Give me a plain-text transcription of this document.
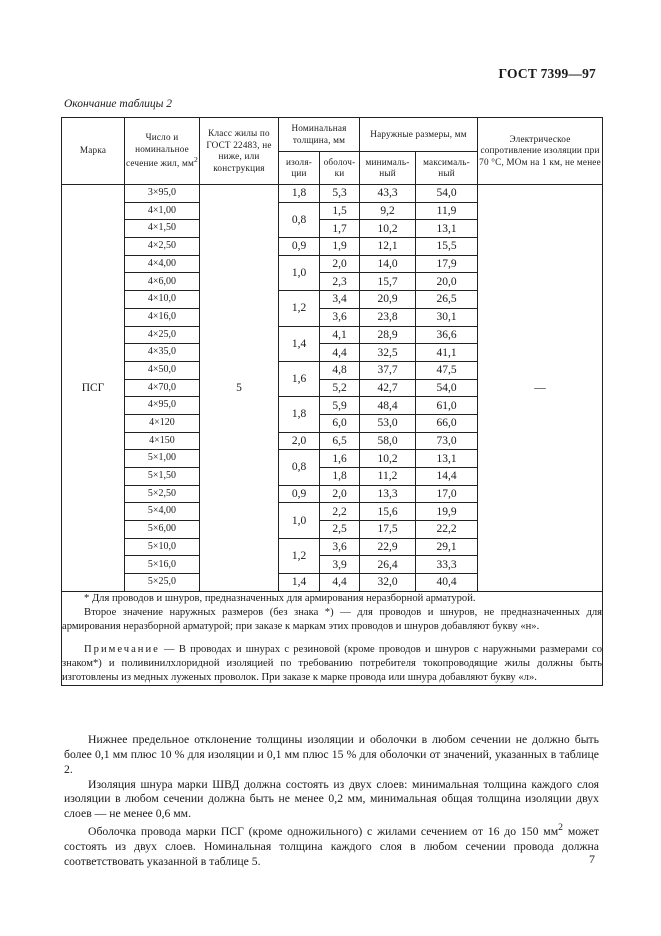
ГОСТ 7399—97
Окончание таблицы 2
Марка	Число и номинальное сечение жил, $мм^2$	Класс жилы по ГОСТ 22483, не ниже, или конструкция	Номинальная толщина, мм		Наружные размеры, мм		Электрическое сопротивление изоляции при 70 °С, МОм на 1 км, не менее
			изоля-ции	оболоч-ки	минималь-ный	максималь-ный	
ПСГ	3×95,0	5	1,8	5,3	43,3	54,0	—
	4×1,00		0,8	1,5	9,2	11,9	
	4×1,50			1,7	10,2	13,1	
	4×2,50		0,9	1,9	12,1	15,5	
	4×4,00		1,0	2,0	14,0	17,9	
	4×6,00			2,3	15,7	20,0	
	4×10,0		1,2	3,4	20,9	26,5	
	4×16,0			3,6	23,8	30,1	
	4×25,0		1,4	4,1	28,9	36,6	
	4×35,0			4,4	32,5	41,1	
	4×50,0		1,6	4,8	37,7	47,5	
	4×70,0			5,2	42,7	54,0	
	4×95,0		1,8	5,9	48,4	61,0	
	4×120			6,0	53,0	66,0	
	4×150		2,0	6,5	58,0	73,0	
	5×1,00		0,8	1,6	10,2	13,1	
	5×1,50			1,8	11,2	14,4	
	5×2,50		0,9	2,0	13,3	17,0	
	5×4,00		1,0	2,2	15,6	19,9	
	5×6,00			2,5	17,5	22,2	
	5×10,0		1,2	3,6	22,9	29,1	
	5×16,0			3,9	26,4	33,3	
	5×25,0		1,4	4,4	32,0	40,4	

* Для проводов и шнуров, предназначенных для армирования неразборной арматурой.

Второе значение наружных размеров (без знака *) — для проводов и шнуров, не предназначенных для армирования неразборной арматурой; при заказе к маркам этих проводов и шнуров добавляют букву «н».

Примечание — В проводах и шнурах с резиновой (кроме проводов и шнуров с наружными размерами со знаком*) и поливинилхлоридной изоляцией по требованию потребителя токопроводящие жилы должны быть изготовлены из медных луженых проволок. При заказе к марке провода или шнура добавляют букву «л».							

Нижнее предельное отклонение толщины изоляции и оболочки в любом сечении не должно быть более 0,1 мм плюс 10 % для изоляции и 0,1 мм плюс 15 % для оболочки от значений, указанных в таблице 2.

Изоляция шнура марки ШВД должна состоять из двух слоев: минимальная толщина каждого слоя изоляции в любом сечении должна быть не менее 0,2 мм, минимальная общая толщина изоляции двух слоев — не менее 0,6 мм.

Оболочка провода марки ПСГ (кроме одножильного) с жилами сечением от 16 до 150 $мм^2$ может состоять из двух слоев. Номинальная толщина каждого слоя в любом сечении провода должна соответствовать указанной в таблице 5.	7
